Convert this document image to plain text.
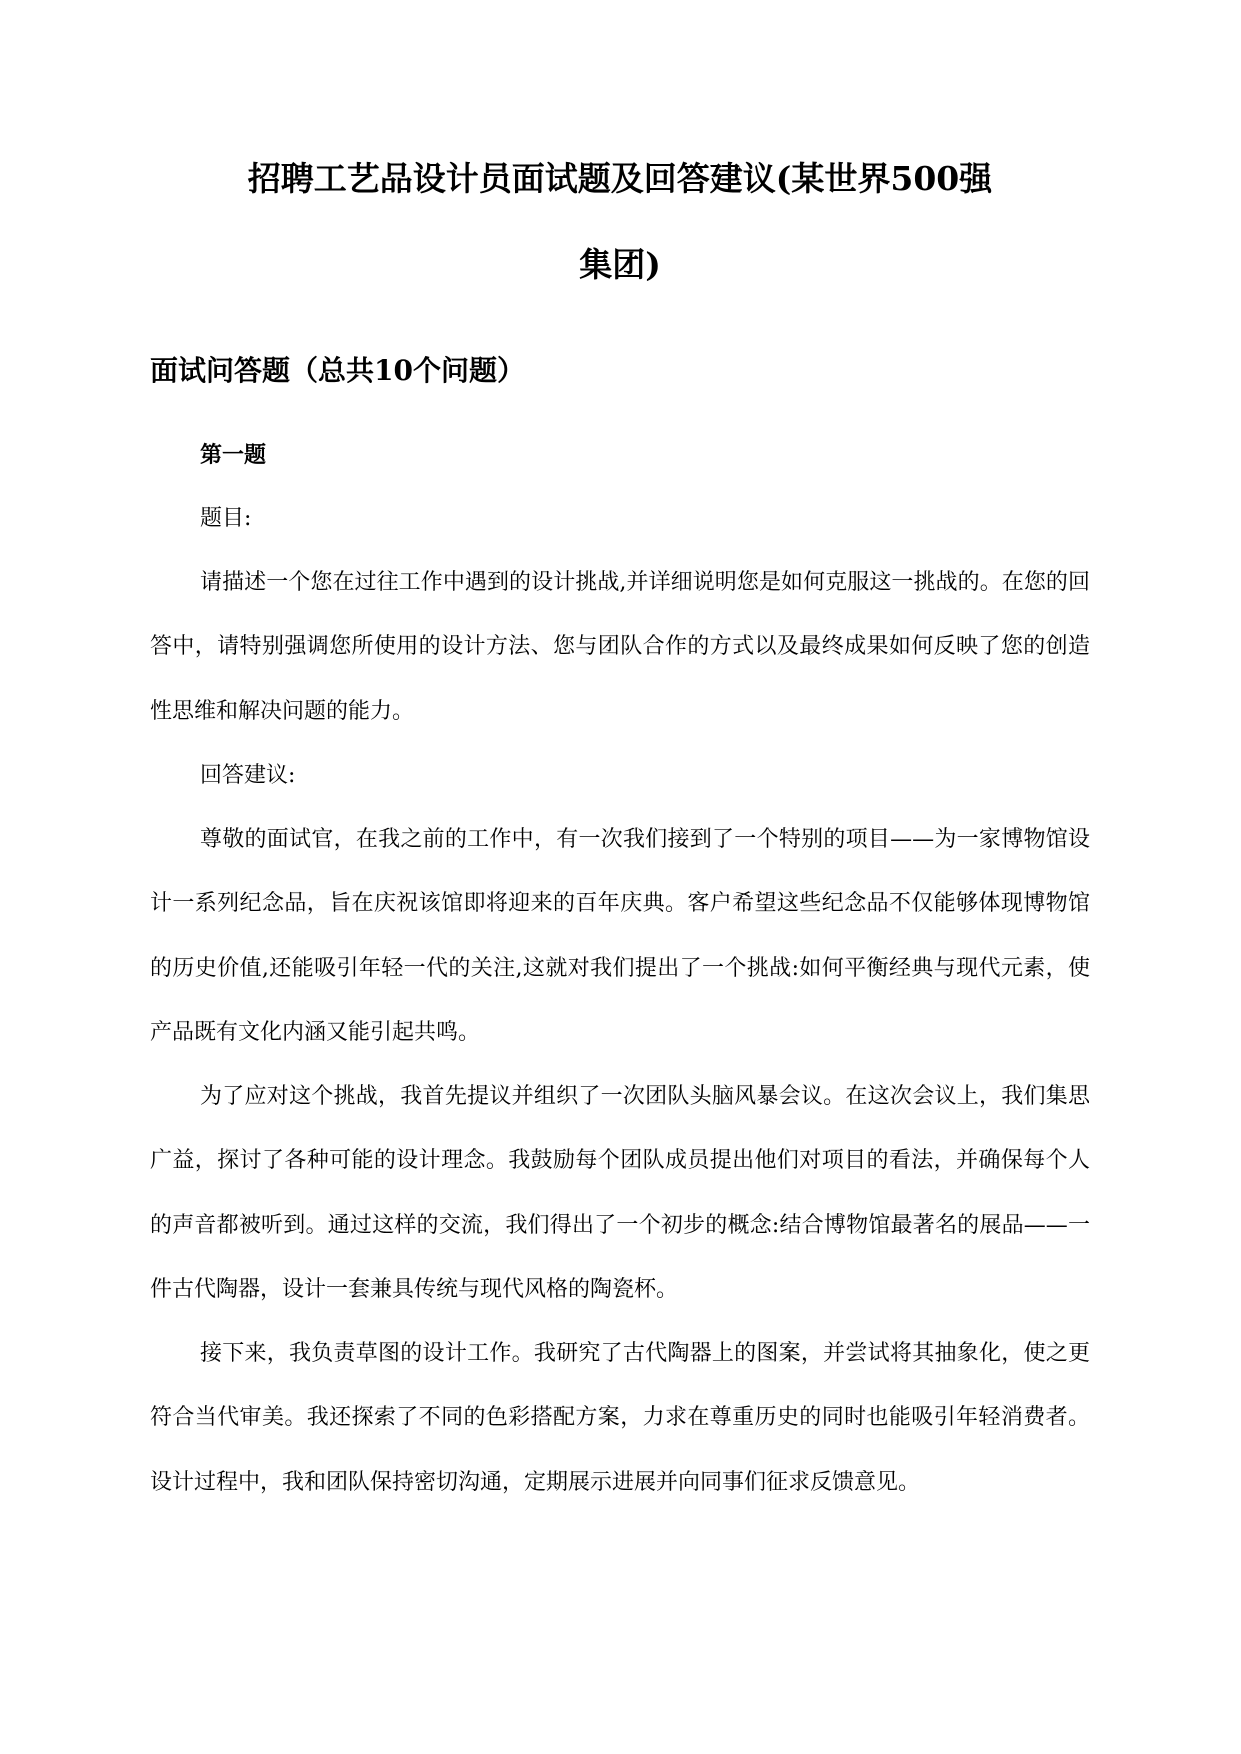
招聘工艺品设计员面试题及回答建议(某世界500强
集团)
面试问答题（总共10个问题）
第一题
题目:

请描述一个您在过往工作中遇到的设计挑战,并详细说明您是如何克服这一挑战的。在您的回答中，请特别强调您所使用的设计方法、您与团队合作的方式以及最终成果如何反映了您的创造性思维和解决问题的能力。

回答建议:

尊敬的面试官，在我之前的工作中，有一次我们接到了一个特别的项目——为一家博物馆设计一系列纪念品，旨在庆祝该馆即将迎来的百年庆典。客户希望这些纪念品不仅能够体现博物馆的历史价值,还能吸引年轻一代的关注,这就对我们提出了一个挑战:如何平衡经典与现代元素，使产品既有文化内涵又能引起共鸣。

为了应对这个挑战，我首先提议并组织了一次团队头脑风暴会议。在这次会议上，我们集思广益，探讨了各种可能的设计理念。我鼓励每个团队成员提出他们对项目的看法，并确保每个人的声音都被听到。通过这样的交流，我们得出了一个初步的概念:结合博物馆最著名的展品——一件古代陶器，设计一套兼具传统与现代风格的陶瓷杯。

接下来，我负责草图的设计工作。我研究了古代陶器上的图案，并尝试将其抽象化，使之更符合当代审美。我还探索了不同的色彩搭配方案，力求在尊重历史的同时也能吸引年轻消费者。设计过程中，我和团队保持密切沟通，定期展示进展并向同事们征求反馈意见。
